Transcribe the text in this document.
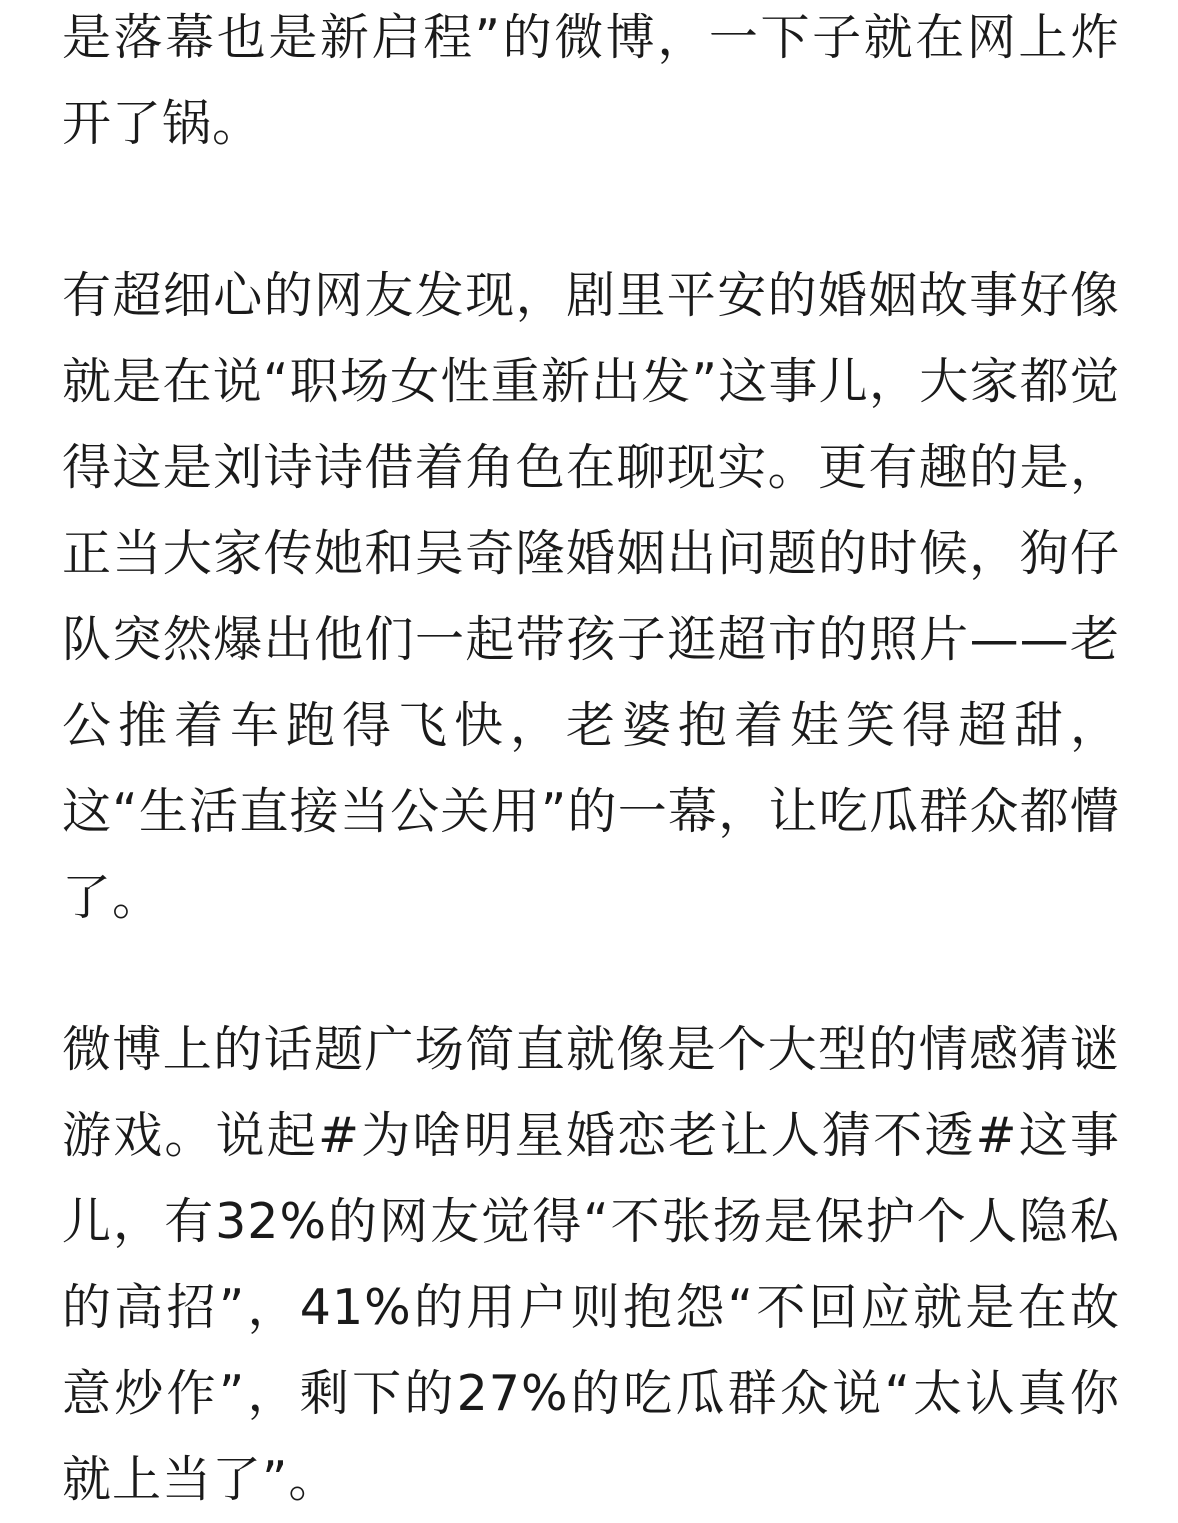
是落幕也是新启程”的微博，一下子就在网上炸开了锅。

有超细心的网友发现，剧里平安的婚姻故事好像就是在说“职场女性重新出发”这事儿，大家都觉得这是刘诗诗借着角色在聊现实。更有趣的是，正当大家传她和吴奇隆婚姻出问题的时候，狗仔队突然爆出他们一起带孩子逛超市的照片——老公推着车跑得飞快，老婆抱着娃笑得超甜，这“生活直接当公关用”的一幕，让吃瓜群众都懵了。

微博上的话题广场简直就像是个大型的情感猜谜游戏。说起#为啥明星婚恋老让人猜不透#这事儿，有32%的网友觉得“不张扬是保护个人隐私的高招”，41%的用户则抱怨“不回应就是在故意炒作”，剩下的27%的吃瓜群众说“太认真你就上当了”。
